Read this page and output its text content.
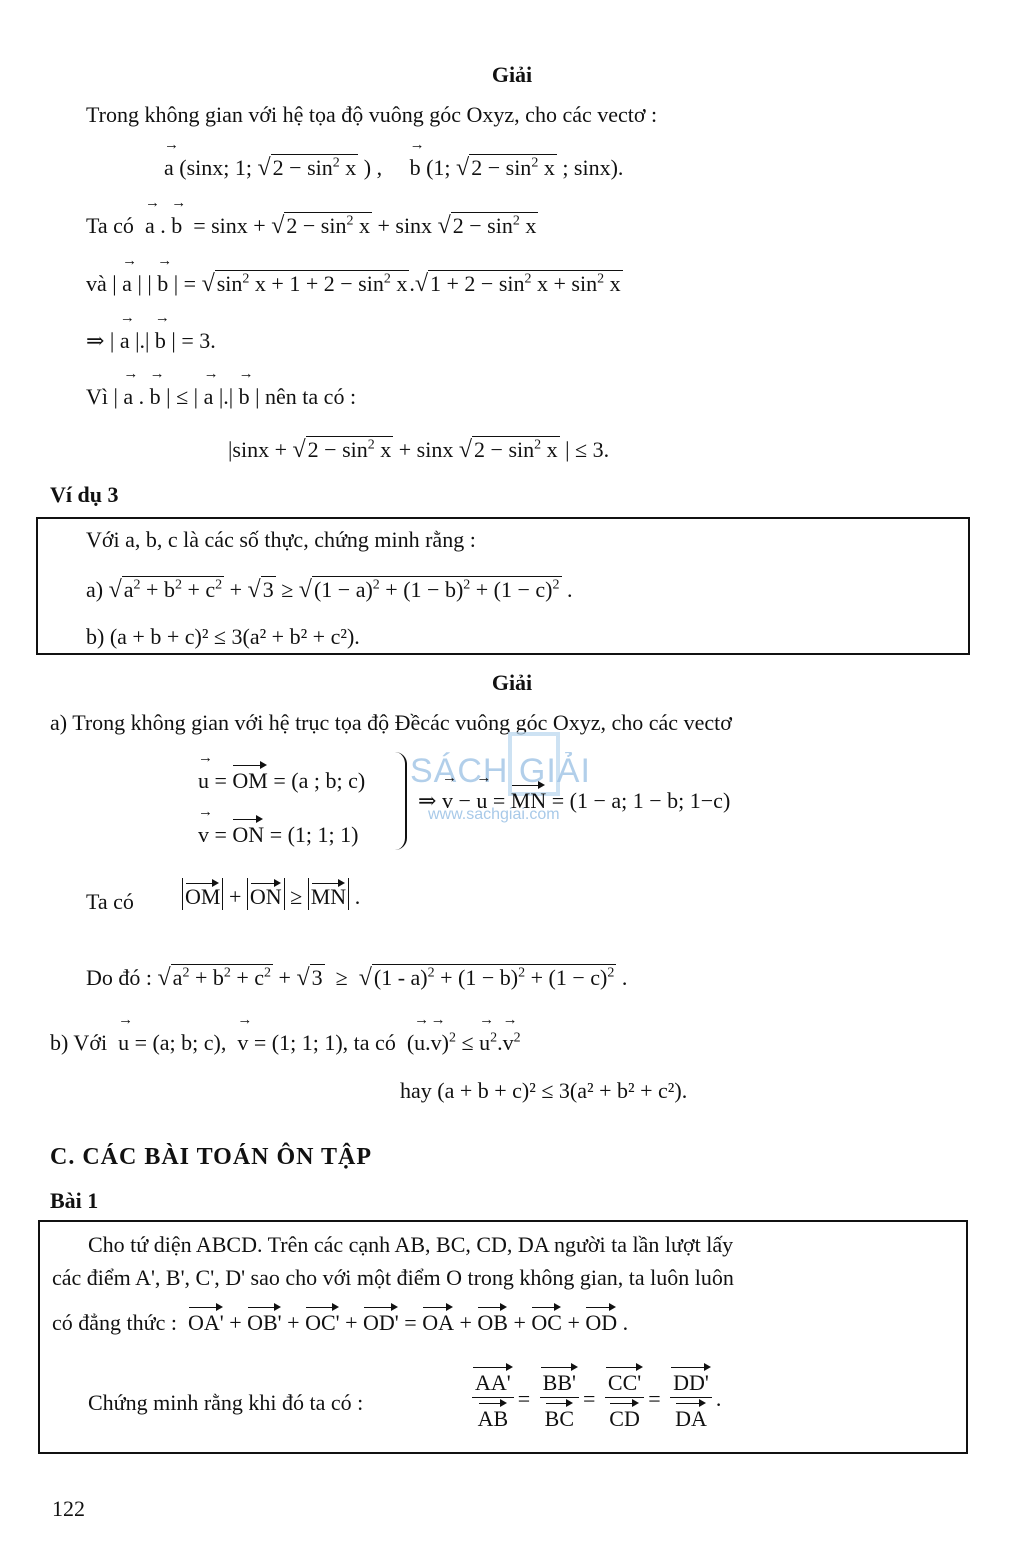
Giải
Trong không gian với hệ tọa độ vuông góc Oxyz, cho các vectơ :
→ a (sinx; 1; $√2 - \sin^2 x$ ) ,     → b (1; $√2 - \sin^2 x$ ; sinx).
Ta có  → a . → $b = \sin x + √2 - \sin^2 x + \sin x$ $√2 - \sin^2 x$
và | → a | | → b | = $√\sin^2$ $x + 1 + 2 - \sin^2 x.√1 + 2 - \sin^2 x + \sin^2 x$
⇒ | → a |.| → b | = 3.
Vì | → a . → b | ≤ | → a |.| → b | nên ta có :
$|\sin x + √2 - \sin^2 x + \sin x$ $√2 - \sin^2 x$ | ≤ 3.
Ví dụ 3
Với a, b, c là các số thực, chứng minh rằng :
a) $√a^2 + b^2 + c^2 + √3 \ge √(1 - a)^2 + (1 - b)^2 + (1 - c)^2$ .
b) (a + b + c)² ≤ 3(a² + b² + c²).
Giải
a) Trong không gian với hệ trục tọa độ Đềcác vuông góc Oxyz, cho các vectơ
SÁCH GIẢI
www.sachgiai.com
→ u = OM = (a ; b; c)
→ v = ON = (1; 1; 1)
⇒ → v − → u = MN = (1 − a; 1 − b; 1−c)
Ta có OM + ON ≥ MN .
Do đó : $√a^2 + b^2 + c^2 + √3 \ge √(1 - a)^2 + (1 - b)^2 + (1 - c)^2$ .
b) Với  → u = (a; b; c),  → v = (1; 1; 1), ta có  (→ u.→ v)$^2$ ≤ → $u^2.\to v^2$
hay (a + b + c)² ≤ 3(a² + b² + c²).
C. CÁC BÀI TOÁN ÔN TẬP
Bài 1
Cho tứ diện ABCD. Trên các cạnh AB, BC, CD, DA người ta lần lượt lấy
các điểm A', B', C', D' sao cho với một điểm O trong không gian, ta luôn luôn
có đẳng thức :  OA' + OB' + OC' + OD' = OA + OB + OC + OD .
Chứng minh rằng khi đó ta có :	$\frac{AA'}{AB} = \frac{BB'}{BC} = \frac{CC'}{CD} = \frac{DD'}{DA}$ .
122
